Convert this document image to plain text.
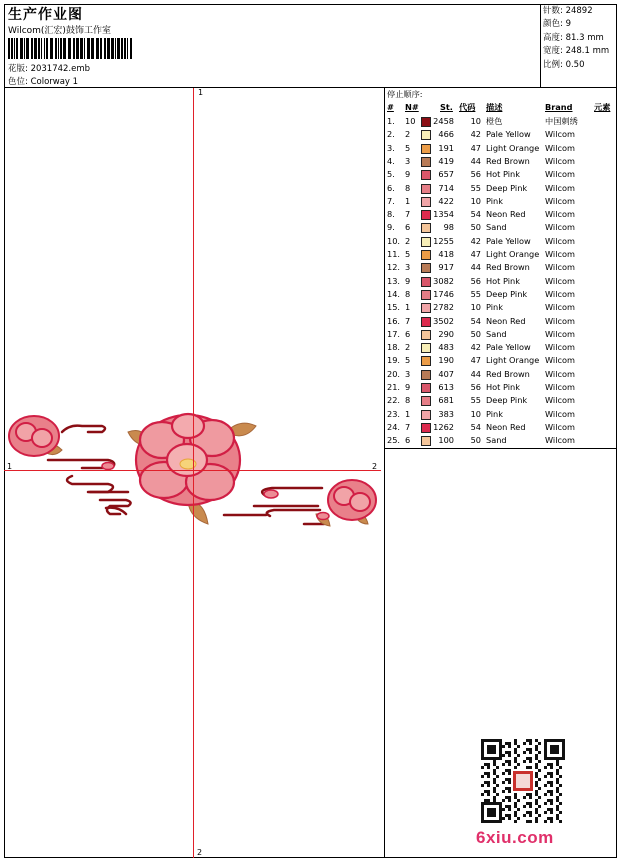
生产作业图
Wilcom(汇宏)鼓饰工作室
花版: 2031742.emb
色位: Colorway 1
针数: 24892
颜色: 9
高度: 81.3 mm
宽度: 248.1 mm
比例: 0.50
1
2
1
2
停止顺序:
# N#	St. 代码 描述	Brand	元素
1. 10 2458 10 橙色	中国刺绣
2. 2	466 42 Pale Yellow Wilcom
3. 5	191 47 Light Orange Wilcom
4. 3	419 44 Red Brown Wilcom
5. 9	657 56 Hot Pink	Wilcom
6. 8	714 55 Deep Pink Wilcom
7. 1	422 10 Pink	Wilcom
8. 7	1354 54 Neon Red Wilcom
9. 6	98 50 Sand	Wilcom
10. 2	1255 42 Pale Yellow Wilcom
11. 5	418 47 Light Orange Wilcom
12. 3	917 44 Red Brown Wilcom
13. 9	3082 56 Hot Pink	Wilcom
14. 8	1746 55 Deep Pink Wilcom
15. 1	2782 10 Pink	Wilcom
16. 7	3502 54 Neon Red Wilcom
17. 6	290 50 Sand	Wilcom
18. 2	483 42 Pale Yellow Wilcom
19. 5	190 47 Light Orange Wilcom
20. 3	407 44 Red Brown Wilcom
21. 9	613 56 Hot Pink	Wilcom
22. 8	681 55 Deep Pink Wilcom
23. 1	383 10 Pink	Wilcom
24. 7	1262 54 Neon Red Wilcom
25. 6	100 50 Sand	Wilcom
6xiu.com
